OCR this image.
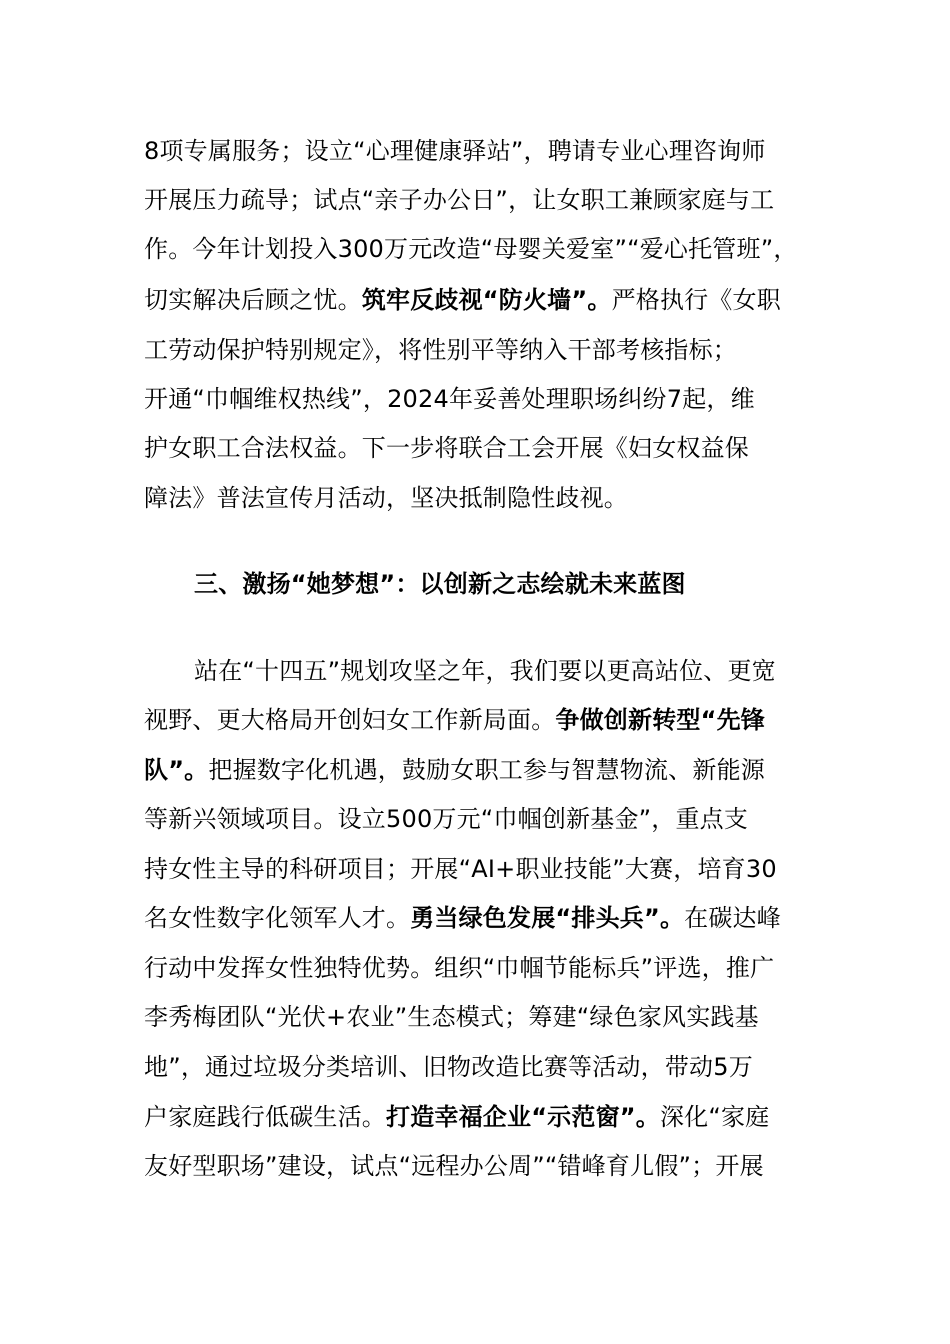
8项专属服务；设立“心理健康驿站”，聘请专业心理咨询师
开展压力疏导；试点“亲子办公日”，让女职工兼顾家庭与工
作。今年计划投入300万元改造“母婴关爱室”“爱心托管班”，
切实解决后顾之忧。筑牢反歧视“防火墙”。严格执行《女职
工劳动保护特别规定》，将性别平等纳入干部考核指标；
开通“巾帼维权热线”，2024年妥善处理职场纠纷7起，维
护女职工合法权益。下一步将联合工会开展《妇女权益保
障法》普法宣传月活动，坚决抵制隐性歧视。
三、激扬“她梦想”：以创新之志绘就未来蓝图
站在“十四五”规划攻坚之年，我们要以更高站位、更宽
视野、更大格局开创妇女工作新局面。争做创新转型“先锋
队”。把握数字化机遇，鼓励女职工参与智慧物流、新能源
等新兴领域项目。设立500万元“巾帼创新基金”，重点支
持女性主导的科研项目；开展“AI+职业技能”大赛，培育30
名女性数字化领军人才。勇当绿色发展“排头兵”。在碳达峰
行动中发挥女性独特优势。组织“巾帼节能标兵”评选，推广
李秀梅团队“光伏+农业”生态模式；筹建“绿色家风实践基
地”，通过垃圾分类培训、旧物改造比赛等活动，带动5万
户家庭践行低碳生活。打造幸福企业“示范窗”。深化“家庭
友好型职场”建设，试点“远程办公周”“错峰育儿假”；开展
